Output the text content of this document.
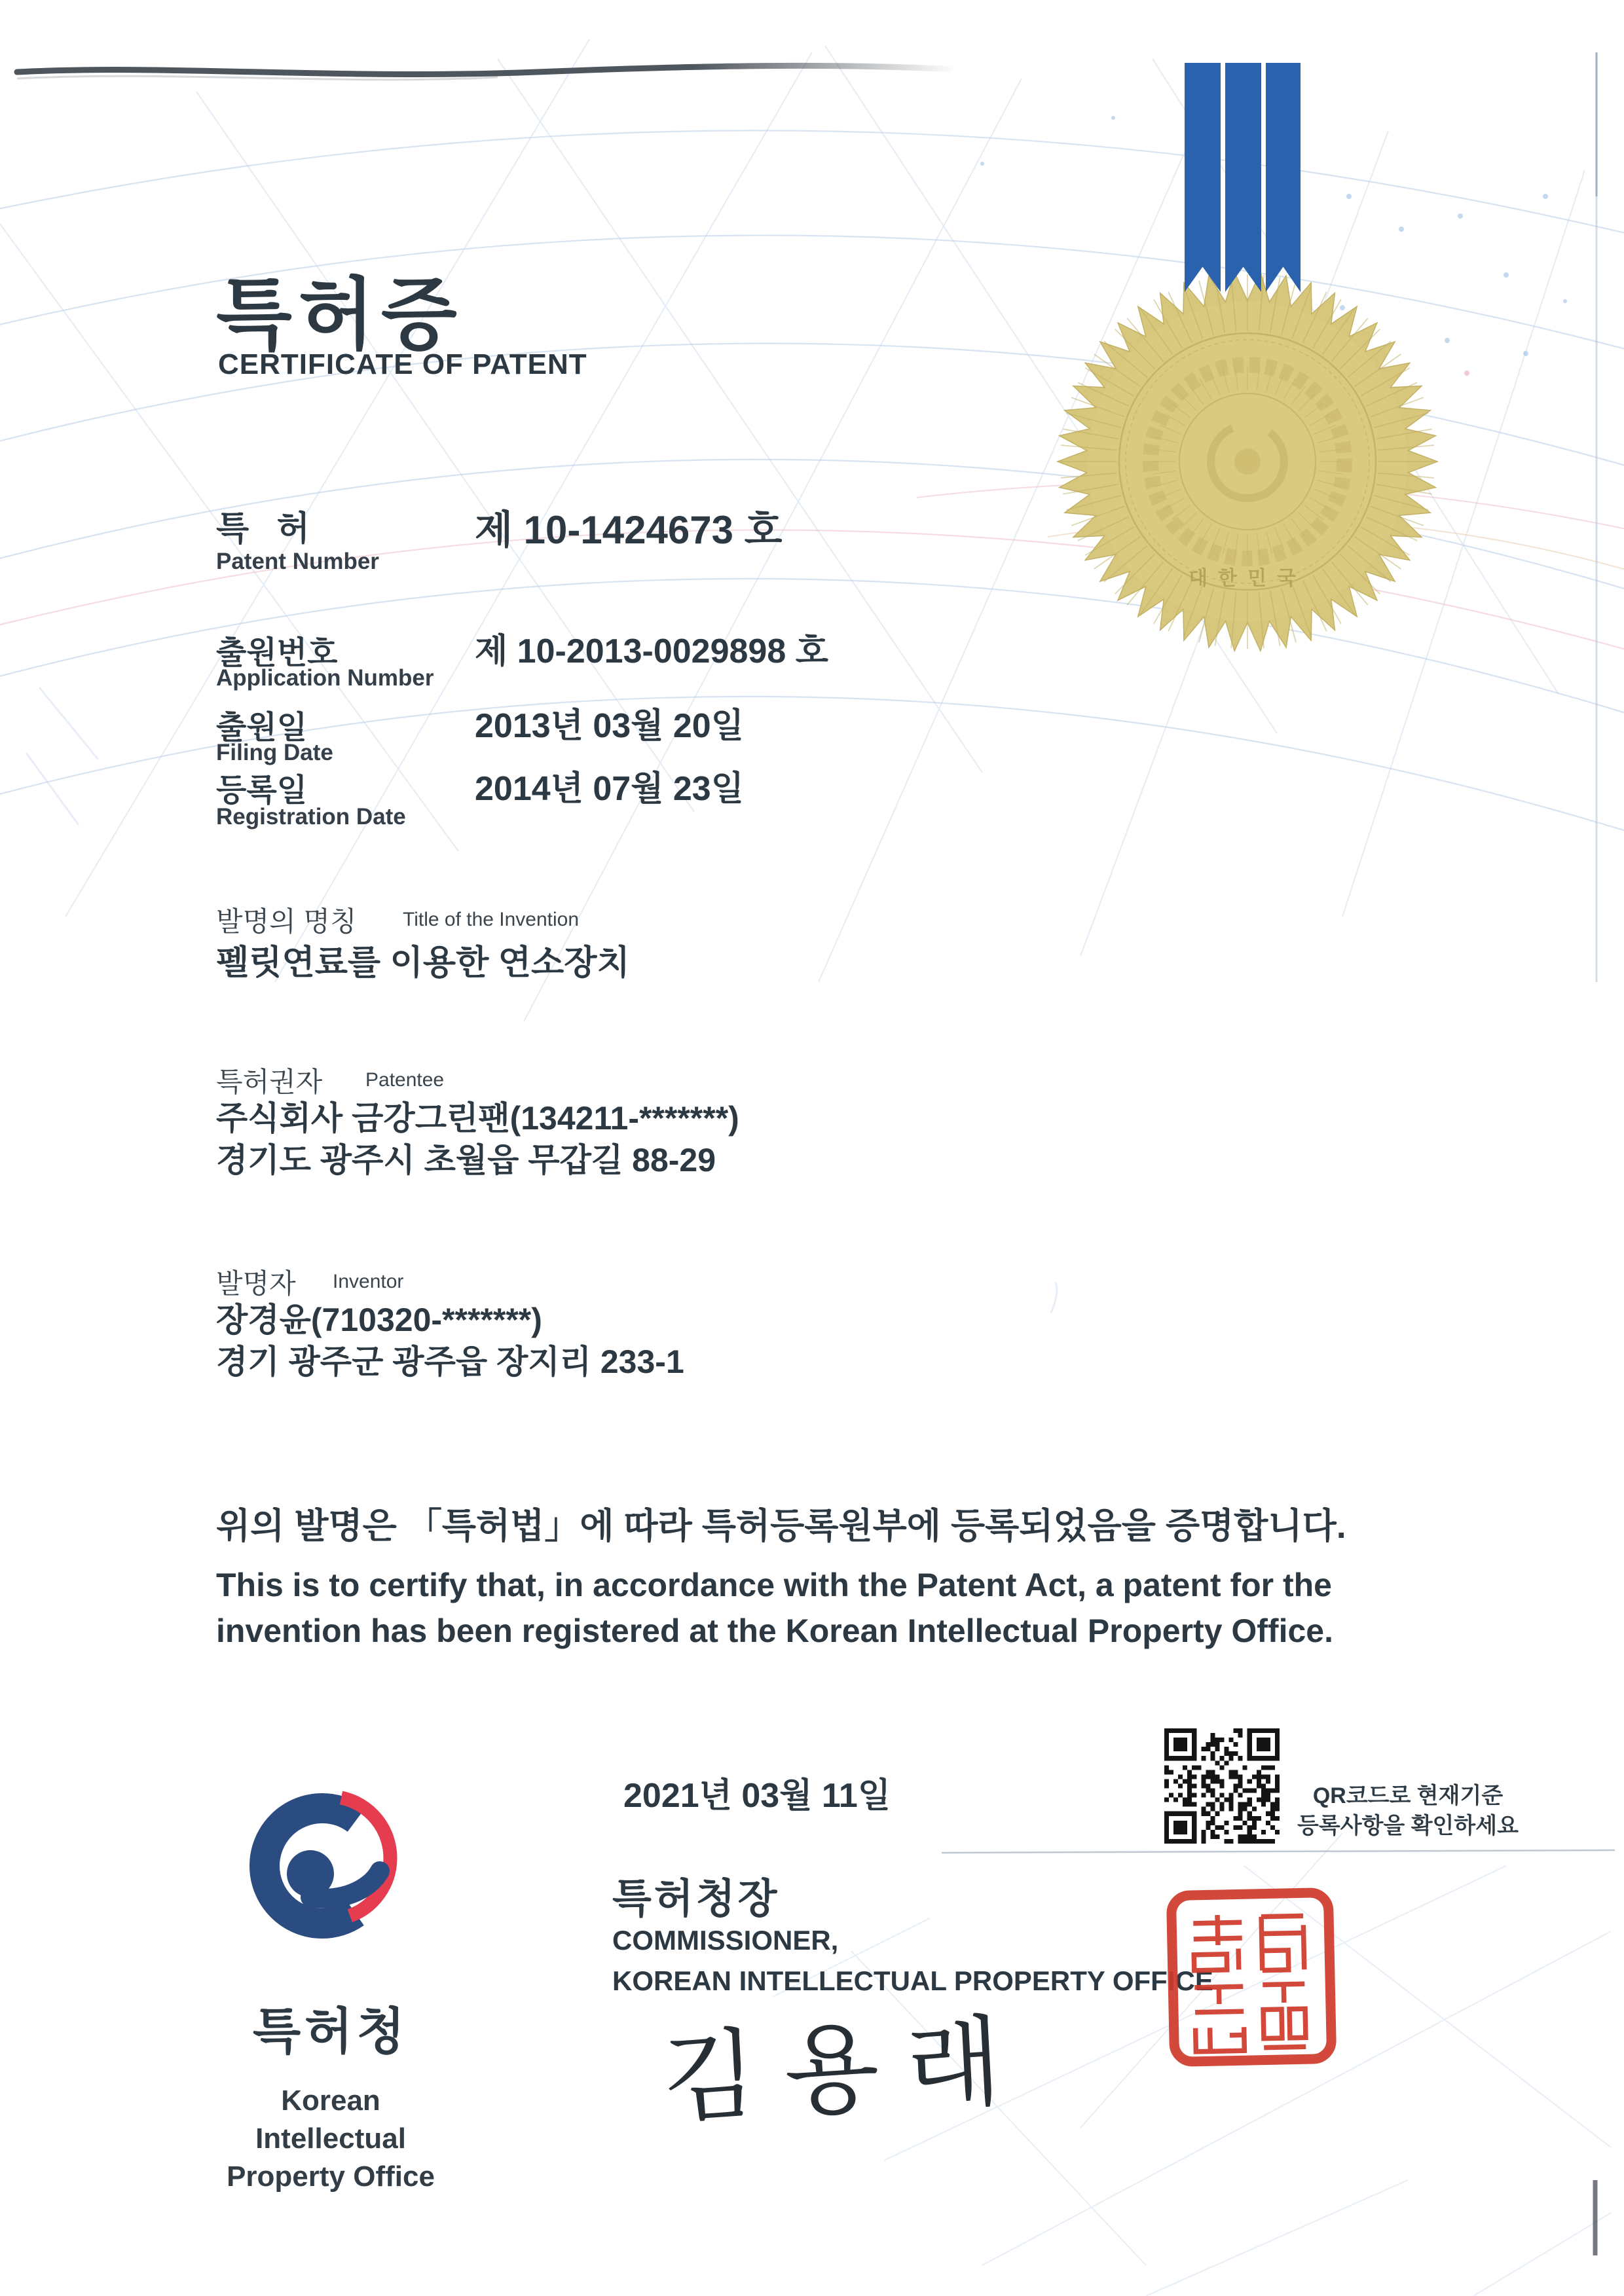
대한민국
특허증
CERTIFICATE OF PATENT
특 허
Patent Number
제 10-1424673 호
출원번호
Application Number
제 10-2013-0029898 호
출원일
Filing Date
2013년 03월 20일
등록일
Registration Date
2014년 07월 23일
발명의 명칭 Title of the Invention
펠릿연료를 이용한 연소장치
특허권자 Patentee
주식회사 금강그린팬(134211-*******)
경기도 광주시 초월읍 무갑길 88-29
발명자 Inventor
장경윤(710320-*******)
경기 광주군 광주읍 장지리 233-1
위의 발명은 「특허법」에 따라 특허등록원부에 등록되었음을 증명합니다.
This is to certify that, in accordance with the Patent Act, a patent for the
invention has been registered at the Korean Intellectual Property Office.
2021년 03월 11일	QR코드로 현재기준
등록사항을 확인하세요
특허청장
COMMISSIONER,
KOREAN INTELLECTUAL PROPERTY OFFICE
김용래
특허청
Korean Intellectual
Property Office
